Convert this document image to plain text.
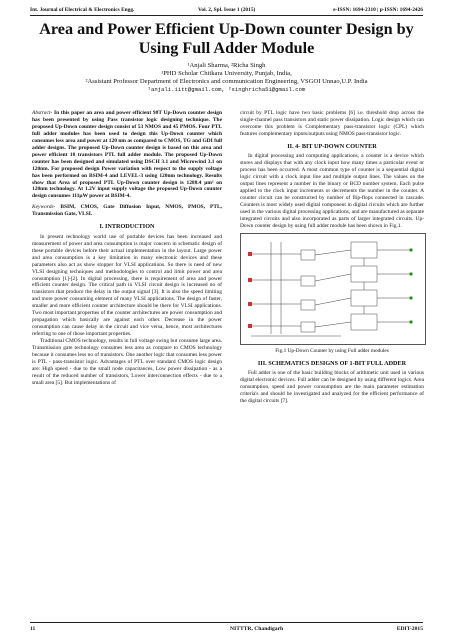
Int. Journal of Electrical & Electronics Engg.	Vol. 2, Spl. Issue 1 (2015)	e-ISSN: 1694-2310 | p-ISSN: 1694-2426
Area and Power Efficient Up-Down counter Design by Using Full Adder Module
¹Anjali Sharma, ²Richa Singh
¹PHD Scholar Chitkara University, Punjab, India,
²Assistant Professor Department of Electronics and communication Engineering, VSGOI Unnao,U.P. India
¹anjali.iitt@gmail.com, ²singhricha51@gmail.com

Abstract- In this paper an area and power efficient 98T Up-Down counter design has been presented by using Pass transistor logic designing technique. The proposed Up-Down counter design consist of 53 NMOS and 45 PMOS. Four PTL full adder modules has been used to design this Up-Down counter which consumes less area and power at 120 nm as compared to CMOS, TG and GDI full adder designs. The proposed Up-Down counter design is based on this area and power efficient 10 transistors PTL full adder module. The proposed Up-Down counter has been designed and simulated using DSCH 3.1 and Microwind 3.1 on 120nm. For proposed design Power variation with respect to the supply voltage has been performed on BSIM-4 and LEVEL-3 using 120nm technology. Results show that Area of proposed PTL Up-Down counter design is 1288.4 µm² on 120nm technology. At 1.2V input supply voltage the proposed Up-Down counter design consumes 111µW power at BSIM-4.

Keywords- BSIM, CMOS, Gate Diffusion Input, NMOS, PMOS, PTL, Transmission Gate, VLSI.

I. INTRODUCTION

In present technology world use of portable devices has been increased and measurement of power and area consumption is major concern in schematic design of these portable devices before their actual implementation in the layout. Large power and area consumption is a key limitation in many electronic devices and these parameters also act as show stopper for VLSI applications. So there is need of new VLSI designing techniques and methodologies to control and limit power and area consumption [1]-[2]. In digital processing, there is requirement of area and power efficient counter design. The critical path in VLSI circuit design is increased no of transistors that produce the delay in the output signal [3]. It is also the speed limiting and more power consuming element of many VLSI applications. The design of faster, smaller and more efficient counter architecture should be there for VLSI applications. Two most important properties of the counter architectures are power consumption and propagation which basically are against each other. Decrease in the power consumption can cause delay in the circuit and vice versa, hence, most architectures referring to one of those important properties.

Traditional CMOS technology, results in full voltage swing but consume large area. Transmission gate technology consumes less area as compare to CMOS technology because it consumes less no of transistors. One another logic that consumes less power is PTL - pass-transistor logic. Advantages of PTL over standard CMOS logic design are: High speed - due to the small node capacitances, Low power dissipation - as a result of the reduced number of transistors, Lower interconnection effects - due to a small area [5]. But implementations of

circuit by PTL logic have two basic problems [6] i.e. threshold drop across the single-channel pass transistors and static power dissipation. Logic design which can overcome this problem is Complementary pass-transistor logic (CPL) which features complementary inputs/outputs using NMOS pass-transistor logic.

II. 4- BIT UP-DOWN COUNTER

In digital processing and computing applications, a counter is a device which stores and displays that with any clock input how many times a particular event or process has been occurred. A most common type of counter is a sequential digital logic circuit with a clock input line and multiple output lines. The values on the output lines represent a number in the binary or BCD number system. Each pulse applied to the clock input increments or decrements the number in the counter. A counter circuit can be constructed by number of flip-flops connected in cascade. Counters is most widely used digital component in digital circuits which are further used in the various digital processing applications, and are manufactured as separate integrated circuits and also incorporated as parts of larger integrated circuits. Up-Down counter design by using full adder module has been shown in Fig.1.

Fig.1 Up-Down Counter by using Full adder modules
III. SCHEMATICS DESIGNS OF 1-BIT FULL ADDER

Full adder is one of the basic building blocks of arithmetic unit used in various digital electronic devices. Full adder can be designed by using different logics. Area consumption, speed and power consumption are the main parameter estimation criteria's and should be investigated and analyzed for the efficient performance of the digital circuits [7].

11	NITTTR, Chandigarh	EDIT-2015
